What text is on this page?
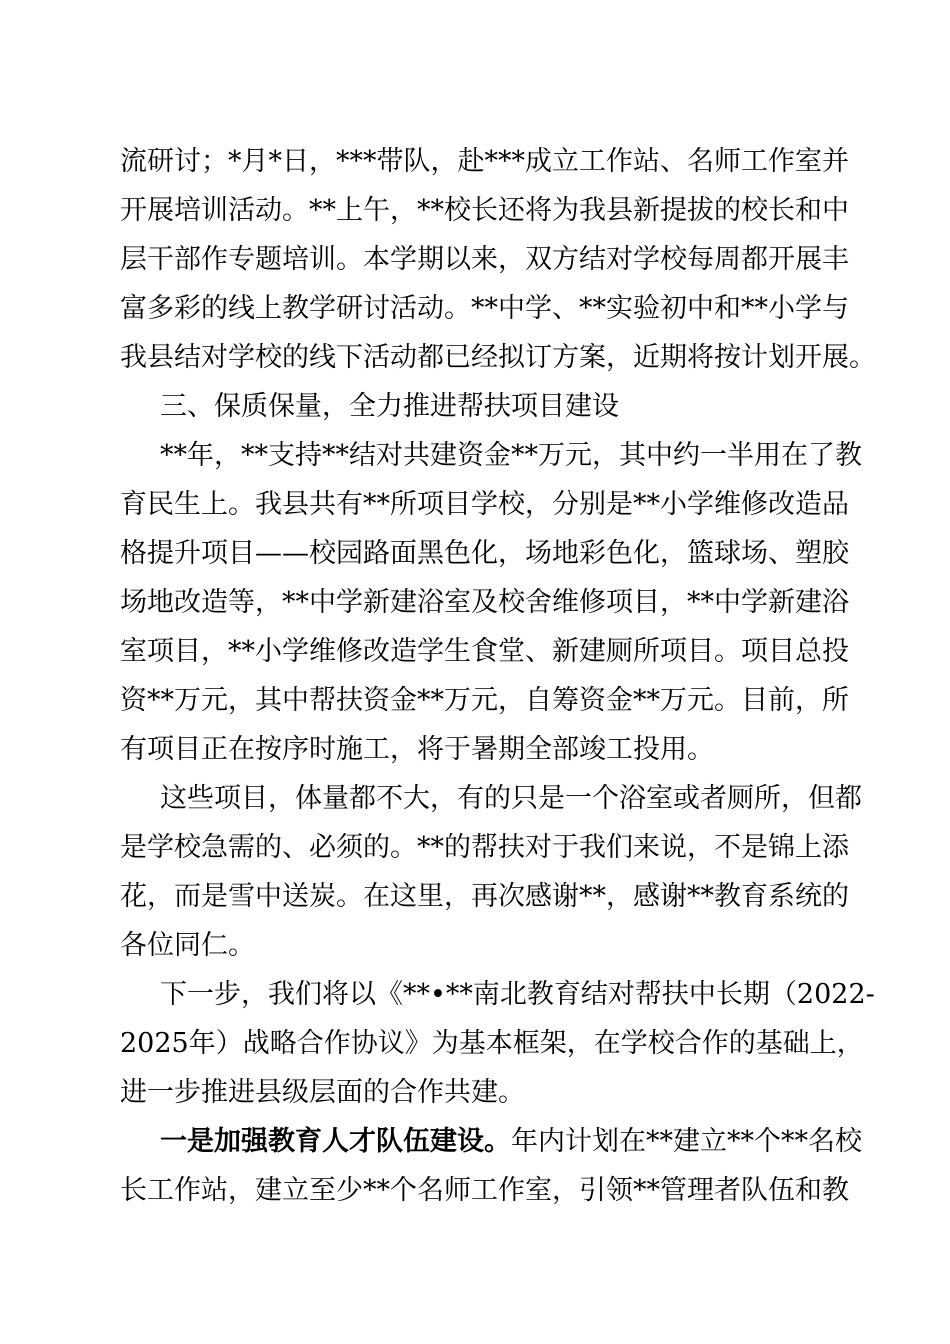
流研讨；*月*日，***带队，赴***成立工作站、名师工作室并
开展培训活动。**上午，**校长还将为我县新提拔的校长和中
层干部作专题培训。本学期以来，双方结对学校每周都开展丰
富多彩的线上教学研讨活动。**中学、**实验初中和**小学与
我县结对学校的线下活动都已经拟订方案，近期将按计划开展。
三、保质保量，全力推进帮扶项目建设
**年，**支持**结对共建资金**万元，其中约一半用在了教
育民生上。我县共有**所项目学校，分别是**小学维修改造品
格提升项目——校园路面黑色化，场地彩色化，篮球场、塑胶
场地改造等，**中学新建浴室及校舍维修项目，**中学新建浴
室项目，**小学维修改造学生食堂、新建厕所项目。项目总投
资**万元，其中帮扶资金**万元，自筹资金**万元。目前，所
有项目正在按序时施工，将于暑期全部竣工投用。
这些项目，体量都不大，有的只是一个浴室或者厕所，但都
是学校急需的、必须的。**的帮扶对于我们来说，不是锦上添
花，而是雪中送炭。在这里，再次感谢**，感谢**教育系统的
各位同仁。
下一步，我们将以《**•**南北教育结对帮扶中长期（2022-
2025年）战略合作协议》为基本框架，在学校合作的基础上，
进一步推进县级层面的合作共建。
一是加强教育人才队伍建设。年内计划在**建立**个**名校
长工作站，建立至少**个名师工作室，引领**管理者队伍和教
